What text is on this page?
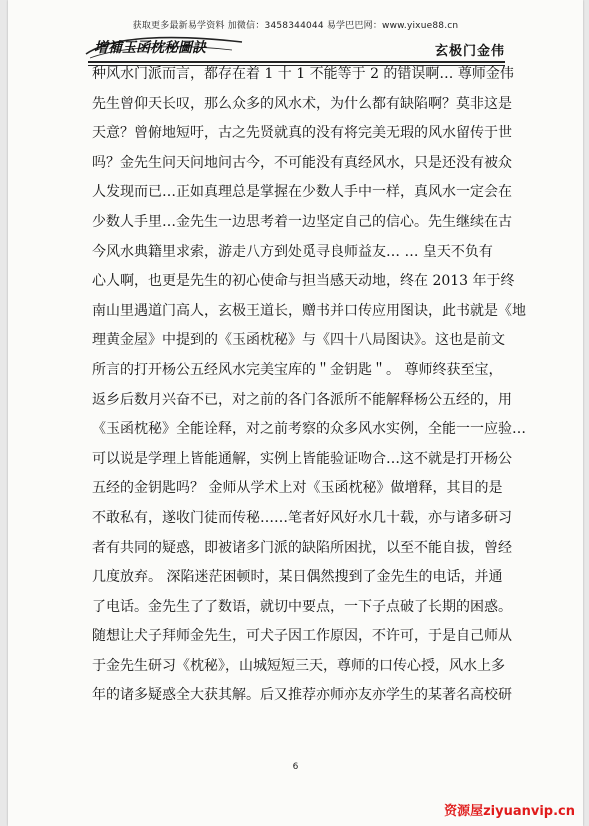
获取更多最新易学资料 加微信：3458344044 易学巴巴网：www.yixue88.cn
增補玉函枕秘圖訣	玄极门金伟

种风水门派而言，都存在着 1 十 1 不能等于 2 的错误啊… 尊师金伟

先生曾仰天长叹，那么众多的风水术，为什么都有缺陷啊？莫非这是

天意？曾俯地短吁，古之先贤就真的没有将完美无瑕的风水留传于世

吗？金先生问天问地问古今，不可能没有真经风水，只是还没有被众

人发现而已…正如真理总是掌握在少数人手中一样，真风水一定会在

少数人手里…金先生一边思考着一边坚定自己的信心。先生继续在古

今风水典籍里求索，游走八方到处觅寻良师益友… … 皇天不负有

心人啊，也更是先生的初心使命与担当感天动地，终在 2013 年于终

南山里遇道门高人，玄极王道长，赠书并口传应用图诀，此书就是《地

理黄金屋》中提到的《玉函枕秘》与《四十八局图诀》。这也是前文

所言的打开杨公五经风水完美宝库的＂金钥匙＂。 尊师终获至宝，

返乡后数月兴奋不已，对之前的各门各派所不能解释杨公五经的，用

《玉函枕秘》全能诠释，对之前考察的众多风水实例，全能一一应验…

可以说是学理上皆能通解，实例上皆能验证吻合…这不就是打开杨公

五经的金钥匙吗？ 金师从学术上对《玉函枕秘》做增释，其目的是

不敢私有，遂收门徒而传秘……笔者好风好水几十载，亦与诸多研习

者有共同的疑惑，即被诸多门派的缺陷所困扰，以至不能自拔，曾经

几度放弃。 深陷迷茫困顿时，某日偶然搜到了金先生的电话，并通

了电话。金先生了了数语，就切中要点，一下子点破了长期的困惑。

随想让犬子拜师金先生，可犬子因工作原因，不许可，于是自己师从

于金先生研习《枕秘》，山城短短三天，尊师的口传心授，风水上多

年的诸多疑惑全大获其解。后又推荐亦师亦友亦学生的某著名高校研

6
资源屋ziyuanvip.cn
